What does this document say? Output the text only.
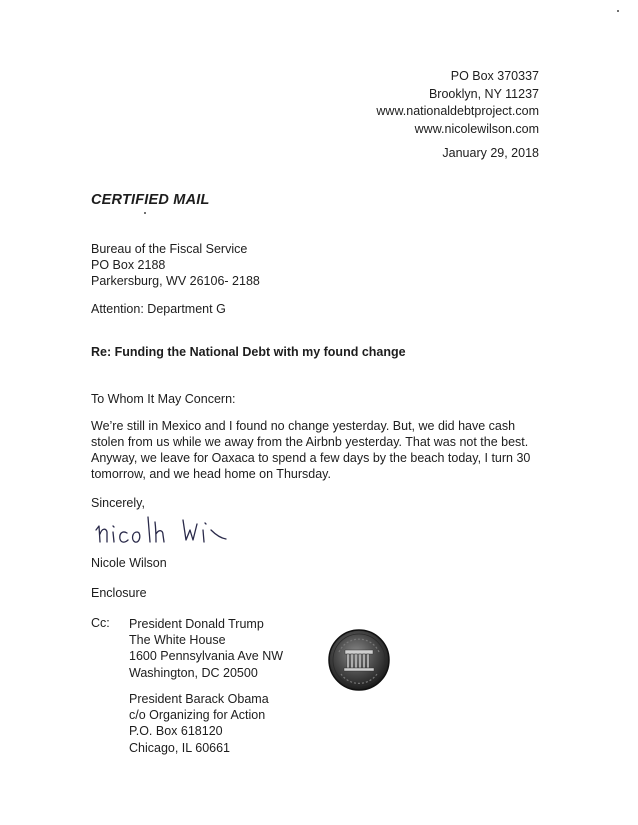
PO Box 370337
Brooklyn, NY 11237
www.nationaldebtproject.com
www.nicolewilson.com
January 29, 2018
CERTIFIED MAIL
Bureau of the Fiscal Service
PO Box 2188
Parkersburg, WV 26106- 2188
Attention: Department G
Re: Funding the National Debt with my found change
To Whom It May Concern:
We’re still in Mexico and I found no change yesterday. But, we did have cash
stolen from us while we away from the Airbnb yesterday. That was not the best.
Anyway, we leave for Oaxaca to spend a few days by the beach today, I turn 30
tomorrow, and we head home on Thursday.
Sincerely,
Nicole Wilson
Enclosure
Cc: President Donald Trump
The White House
1600 Pennsylvania Ave NW
Washington, DC 20500
President Barack Obama
c/o Organizing for Action
P.O. Box 618120
Chicago, IL 60661
